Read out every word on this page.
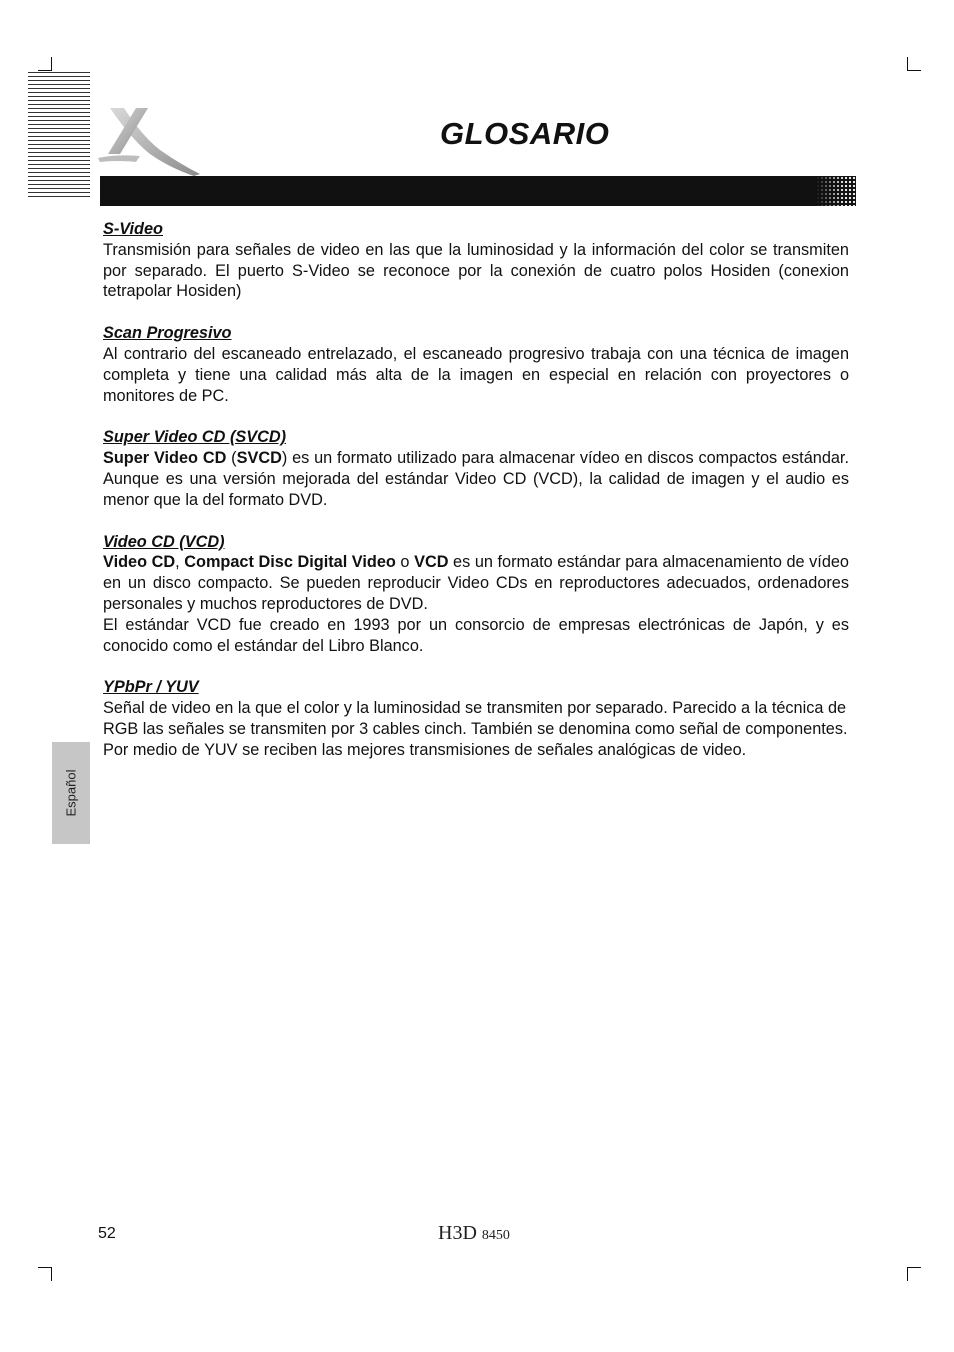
GLOSARIO

S-Video

Transmisión para señales de video en las que la luminosidad y la información del color se transmiten por separado. El puerto S-Video se reconoce por la conexión de cuatro polos Hosiden (conexion tetrapolar Hosiden)

Scan Progresivo

Al contrario del escaneado entrelazado, el escaneado progresivo trabaja con una técnica de imagen completa y tiene una calidad más alta de la imagen en especial en relación con proyectores o monitores de PC.

Super Video CD (SVCD)

Super Video CD (SVCD) es un formato utilizado para almacenar vídeo en discos compactos estándar. Aunque es una versión mejorada del estándar Video CD (VCD), la calidad de imagen y el audio es menor que la del formato DVD.

Video CD (VCD)

Video CD, Compact Disc Digital Video o VCD es un formato estándar para almacenamiento de vídeo en un disco compacto. Se pueden reproducir Video CDs en reproductores adecuados, ordenadores personales y muchos reproductores de DVD.

El estándar VCD fue creado en 1993 por un consorcio de empresas electrónicas de Japón, y es conocido como el estándar del Libro Blanco.

YPbPr / YUV

Señal de video en la que el color y la luminosidad se transmiten por separado. Parecido a la técnica de RGB las señales se transmiten por 3 cables cinch. También se denomina como señal de componentes. Por medio de YUV se reciben las mejores transmisiones de señales analógicas de video.

Español
52	H3D 8450
